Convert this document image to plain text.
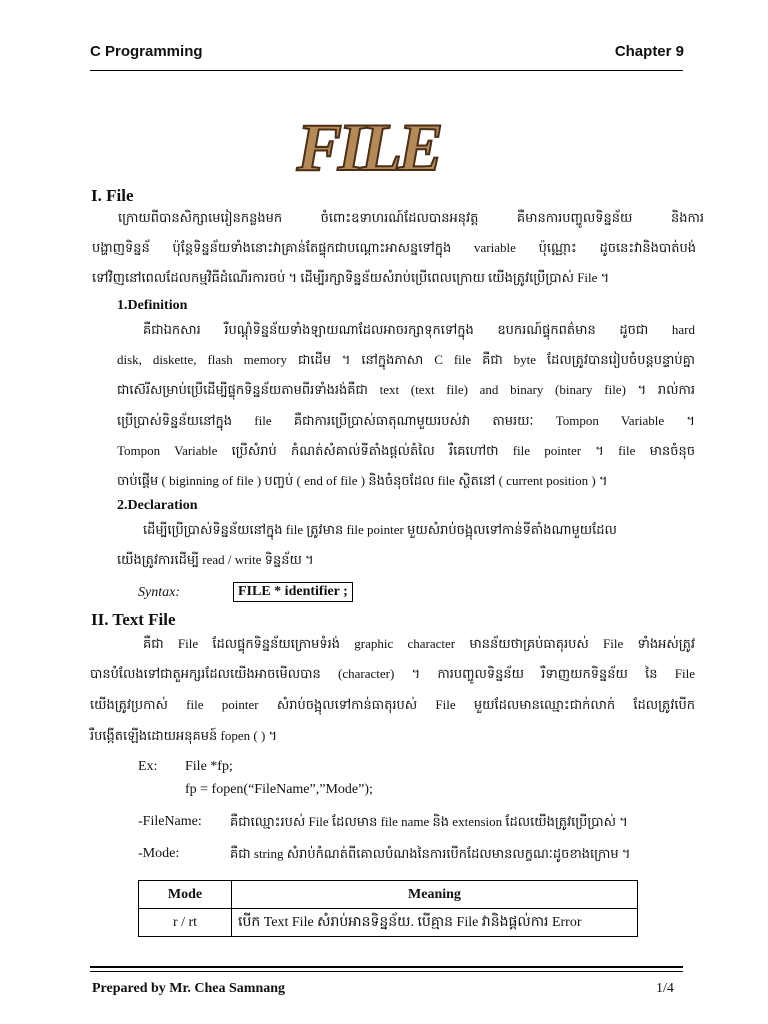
C Programming	Chapter 9
FILE
I. File
ក្រោយពីបានសិក្សាមេរៀនកន្លងមក ចំពោះឧទាហរណ៍ដែលបានអនុវត្ត គឺមានការបញ្ចូលទិន្នន័យ និងការ
បង្ហាញទិន្នន័ ប៉ុន្តែទិន្នន័យទាំងនោះវាគ្រាន់តែផ្ទុកជាបណ្តោះអាសន្នទៅក្នុង variable ប៉ុណ្ណោះ ដូចនេះវានិងបាត់បង់
ទៅវិញនៅពេលដែលកម្មវិធីដំណើរការចប់ ។ ដើម្បីរក្សាទិន្នន័យសំរាប់ប្រើពេលក្រោយ យើងត្រូវប្រើប្រាស់ File ។
1.Definition
គឺជាឯកសារ រឺបណ្តុំទិន្នន័យទាំងឡាយណាដែលអាចរក្សាទុកទៅក្នុង ឧបករណ៍ផ្ទុកពត៌មាន ដូចជា hard
disk, diskette, flash memory ជាដើម ។ នៅក្នុងភាសា C file គឺជា byte ដែលត្រូវបានរៀបចំបន្តបន្ទាប់គ្នា
ជាស៊េរីសម្រាប់ប្រើដើម្បីផ្ទុកទិន្នន័យតាមពីរទាំងរង់គឺជា text (text file) and binary (binary file) ។ រាល់ការ
ប្រើប្រាស់ទិន្នន័យនៅក្នុង file គឺជាការប្រើប្រាស់ធាតុណាមួយរបស់វា តាមរយៈ Tompon Variable ។
Tompon Variable ប្រើសំរាប់ កំណត់សំគាល់ទីតាំងផ្តល់តំលៃ រឺគេហៅថា file pointer ។ file មានចំនុច
ចាប់ផ្តើម ( biginning of file ) បញ្ចប់ ( end of file ) និងចំនុចដែល file ស្ថិតនៅ ( current position ) ។
2.Declaration
ដើម្បីប្រើប្រាស់ទិន្នន័យនៅក្នុង file ត្រូវមាន file pointer មួយសំរាប់ចង្អុលទៅកាន់ទីតាំងណាមួយដែល
យើងត្រូវការដើម្បី read / write ទិន្នន័យ ។
Syntax:	FILE * identifier ;
II. Text File
គឺជា File ដែលផ្ទុកទិន្នន័យក្រោមទំរង់ graphic character មានន័យថាគ្រប់ធាតុរបស់ File ទាំងអស់ត្រូវ
បានបំលែងទៅជាតួអក្សរដែលយើងអាចមើលបាន (character) ។ ការបញ្ចូលទិន្នន័យ រឺទាញយកទិន្នន័យ នៃ File
យើងត្រូវប្រកាស់ file pointer សំរាប់ចង្អុលទៅកាន់ធាតុរបស់ File មួយដែលមានឈ្មោះជាក់លាក់ ដែលត្រូវបើក
រឺបង្កើតឡើងដោយអនុគមន៍ fopen ( ) ។
Ex: File *fp;
fp = fopen(“FileName”,”Mode”);
-FileName: គឺជាឈ្មោះរបស់ File ដែលមាន file name និង extension ដែលយើងត្រូវប្រើប្រាស់ ។
-Mode:	គឺជា string សំរាប់កំណត់ពីគោលបំណងនៃការបើកដែលមានលក្ខណៈដូចខាងក្រោម ។
Mode	Meaning
r / rt	បើក Text File សំរាប់អានទិន្នន័យ. បើគ្មាន File វានិងផ្តល់ការ Error
Prepared by Mr. Chea Samnang	1/4
